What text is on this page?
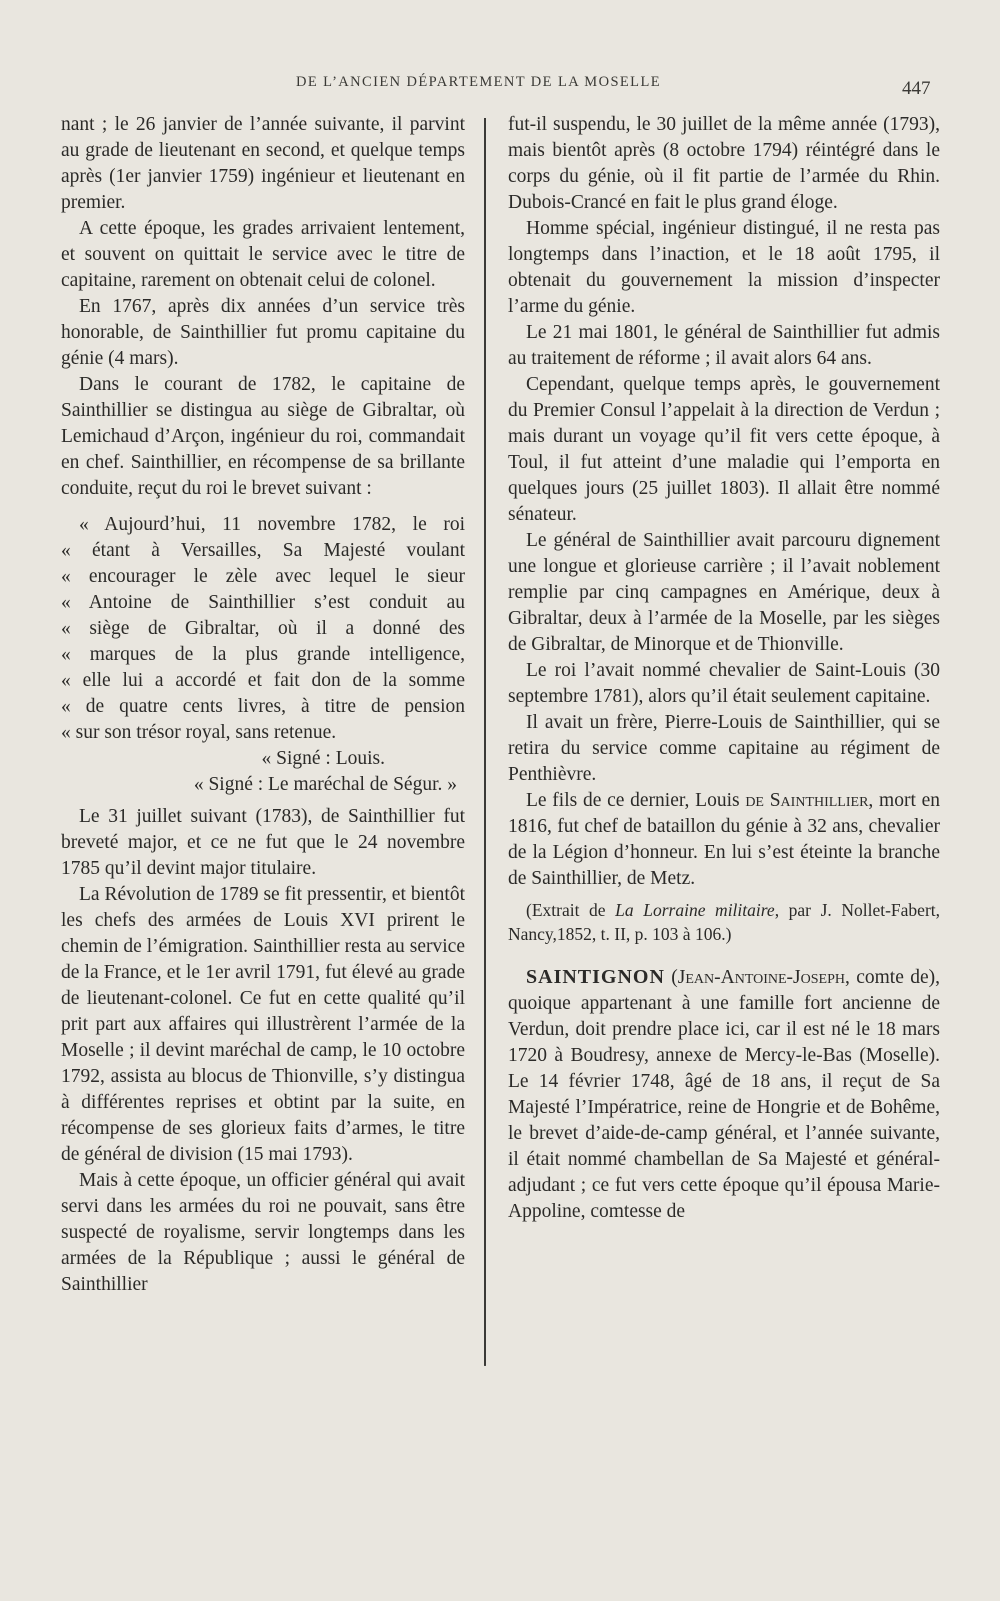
DE L’ANCIEN DÉPARTEMENT DE LA MOSELLE	447

nant ; le 26 janvier de l’année suivante, il parvint au grade de lieutenant en second, et quelque temps après (1er janvier 1759) ingénieur et lieutenant en premier.

A cette époque, les grades arrivaient lentement, et souvent on quittait le service avec le titre de capitaine, rarement on obtenait celui de colonel.

En 1767, après dix années d’un service très honorable, de Sainthillier fut promu capitaine du génie (4 mars).

Dans le courant de 1782, le capitaine de Sainthillier se distingua au siège de Gibraltar, où Lemichaud d’Arçon, ingénieur du roi, commandait en chef. Sainthillier, en récompense de sa brillante conduite, reçut du roi le brevet suivant :

« Aujourd’hui, 11 novembre 1782, le roi

« étant à Versailles, Sa Majesté voulant

« encourager le zèle avec lequel le sieur

« Antoine de Sainthillier s’est conduit au

« siège de Gibraltar, où il a donné des

« marques de la plus grande intelligence,

« elle lui a accordé et fait don de la somme

« de quatre cents livres, à titre de pension

« sur son trésor royal, sans retenue.

« Signé : Louis.

« Signé : Le maréchal de Ségur. »

Le 31 juillet suivant (1783), de Sainthillier fut breveté major, et ce ne fut que le 24 novembre 1785 qu’il devint major titulaire.

La Révolution de 1789 se fit pressentir, et bientôt les chefs des armées de Louis XVI prirent le chemin de l’émigration. Sainthillier resta au service de la France, et le 1er avril 1791, fut élevé au grade de lieutenant-colonel. Ce fut en cette qualité qu’il prit part aux affaires qui illustrèrent l’armée de la Moselle ; il devint maréchal de camp, le 10 octobre 1792, assista au blocus de Thionville, s’y distingua à différentes reprises et obtint par la suite, en récompense de ses glorieux faits d’armes, le titre de général de division (15 mai 1793).

Mais à cette époque, un officier général qui avait servi dans les armées du roi ne pouvait, sans être suspecté de royalisme, servir longtemps dans les armées de la République ; aussi le général de Sainthillier

fut-il suspendu, le 30 juillet de la même année (1793), mais bientôt après (8 octobre 1794) réintégré dans le corps du génie, où il fit partie de l’armée du Rhin. Dubois-Crancé en fait le plus grand éloge.

Homme spécial, ingénieur distingué, il ne resta pas longtemps dans l’inaction, et le 18 août 1795, il obtenait du gouvernement la mission d’inspecter l’arme du génie.

Le 21 mai 1801, le général de Sainthillier fut admis au traitement de réforme ; il avait alors 64 ans.

Cependant, quelque temps après, le gouvernement du Premier Consul l’appelait à la direction de Verdun ; mais durant un voyage qu’il fit vers cette époque, à Toul, il fut atteint d’une maladie qui l’emporta en quelques jours (25 juillet 1803). Il allait être nommé sénateur.

Le général de Sainthillier avait parcouru dignement une longue et glorieuse carrière ; il l’avait noblement remplie par cinq campagnes en Amérique, deux à Gibraltar, deux à l’armée de la Moselle, par les sièges de Gibraltar, de Minorque et de Thionville.

Le roi l’avait nommé chevalier de Saint-Louis (30 septembre 1781), alors qu’il était seulement capitaine.

Il avait un frère, Pierre-Louis de Sainthillier, qui se retira du service comme capitaine au régiment de Penthièvre.

Le fils de ce dernier, Louis de Sainthillier, mort en 1816, fut chef de bataillon du génie à 32 ans, chevalier de la Légion d’honneur. En lui s’est éteinte la branche de Sainthillier, de Metz.

(Extrait de La Lorraine militaire, par J. Nollet-Fabert, Nancy,1852, t. II, p. 103 à 106.)

SAINTIGNON (Jean-Antoine-Joseph, comte de), quoique appartenant à une famille fort ancienne de Verdun, doit prendre place ici, car il est né le 18 mars 1720 à Boudresy, annexe de Mercy-le-Bas (Moselle). Le 14 février 1748, âgé de 18 ans, il reçut de Sa Majesté l’Impératrice, reine de Hongrie et de Bohême, le brevet d’aide-de-camp général, et l’année suivante, il était nommé chambellan de Sa Majesté et général-adjudant ; ce fut vers cette époque qu’il épousa Marie-Appoline, comtesse de
